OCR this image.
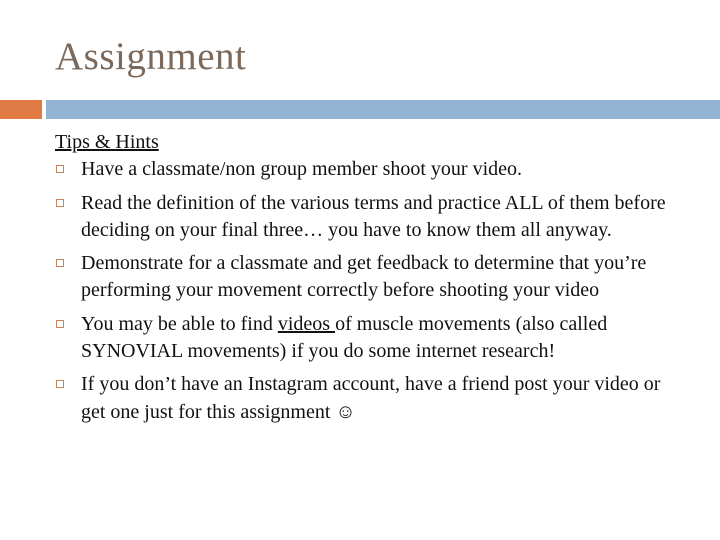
Assignment
Tips & Hints
Have a classmate/non group member shoot your video.
Read the definition of the various terms and practice ALL of them before deciding on your final three… you have to know them all anyway.
Demonstrate for a classmate and get feedback to determine that you’re performing your movement correctly before shooting your video
You may be able to find videos of muscle movements (also called SYNOVIAL movements) if you do some internet research!
If you don’t have an Instagram account, have a friend post your video or get one just for this assignment ☺
